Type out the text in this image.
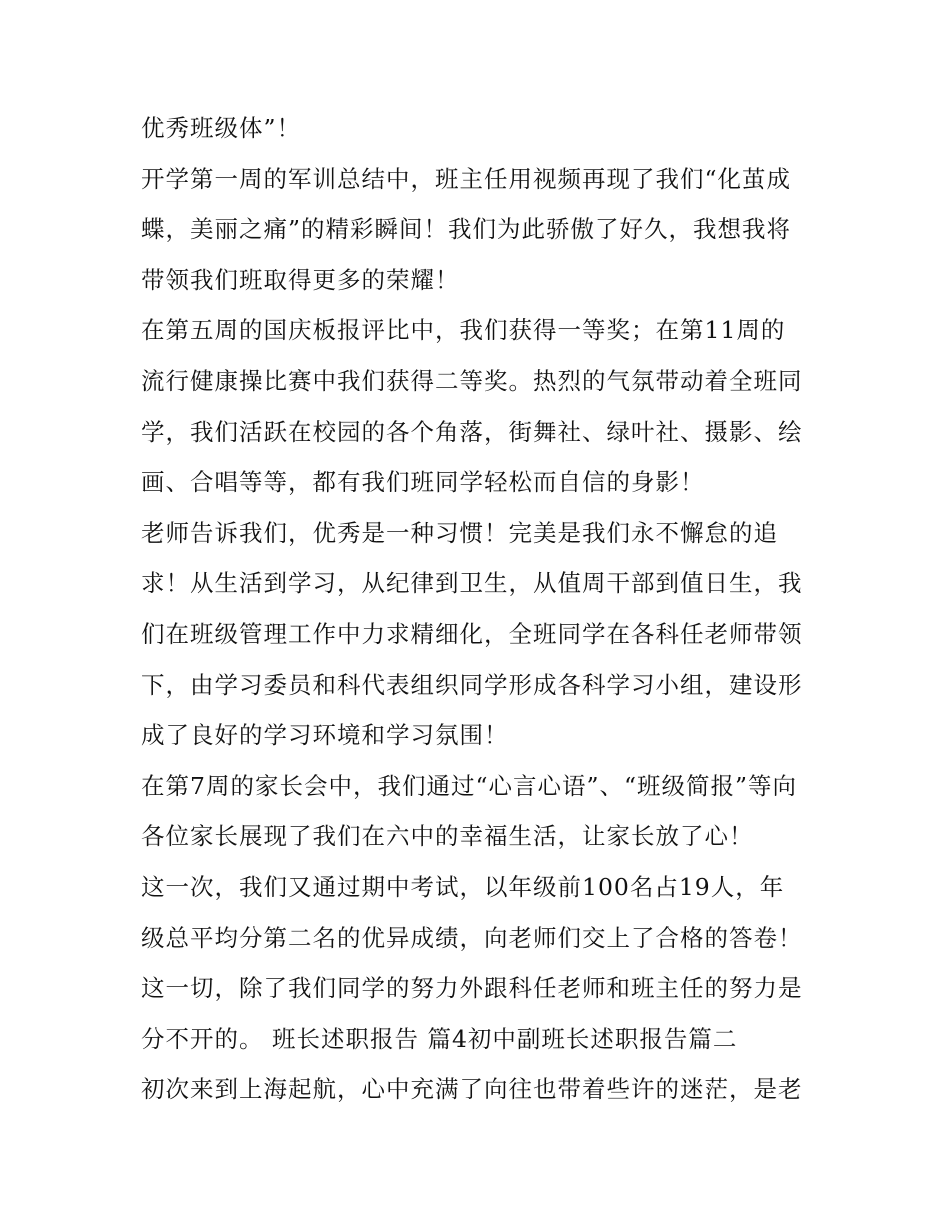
优秀班级体”！
开学第一周的军训总结中，班主任用视频再现了我们“化茧成
蝶，美丽之痛”的精彩瞬间！我们为此骄傲了好久，我想我将
带领我们班取得更多的荣耀！
在第五周的国庆板报评比中，我们获得一等奖；在第11周的
流行健康操比赛中我们获得二等奖。热烈的气氛带动着全班同
学，我们活跃在校园的各个角落，街舞社、绿叶社、摄影、绘
画、合唱等等，都有我们班同学轻松而自信的身影！
老师告诉我们，优秀是一种习惯！完美是我们永不懈怠的追
求！从生活到学习，从纪律到卫生，从值周干部到值日生，我
们在班级管理工作中力求精细化，全班同学在各科任老师带领
下，由学习委员和科代表组织同学形成各科学习小组，建设形
成了良好的学习环境和学习氛围！
在第7周的家长会中，我们通过“心言心语”、“班级简报”等向
各位家长展现了我们在六中的幸福生活，让家长放了心！
这一次，我们又通过期中考试，以年级前100名占19人，年
级总平均分第二名的优异成绩，向老师们交上了合格的答卷！
这一切，除了我们同学的努力外跟科任老师和班主任的努力是
分不开的。 班长述职报告 篇4初中副班长述职报告篇二
初次来到上海起航，心中充满了向往也带着些许的迷茫，是老
